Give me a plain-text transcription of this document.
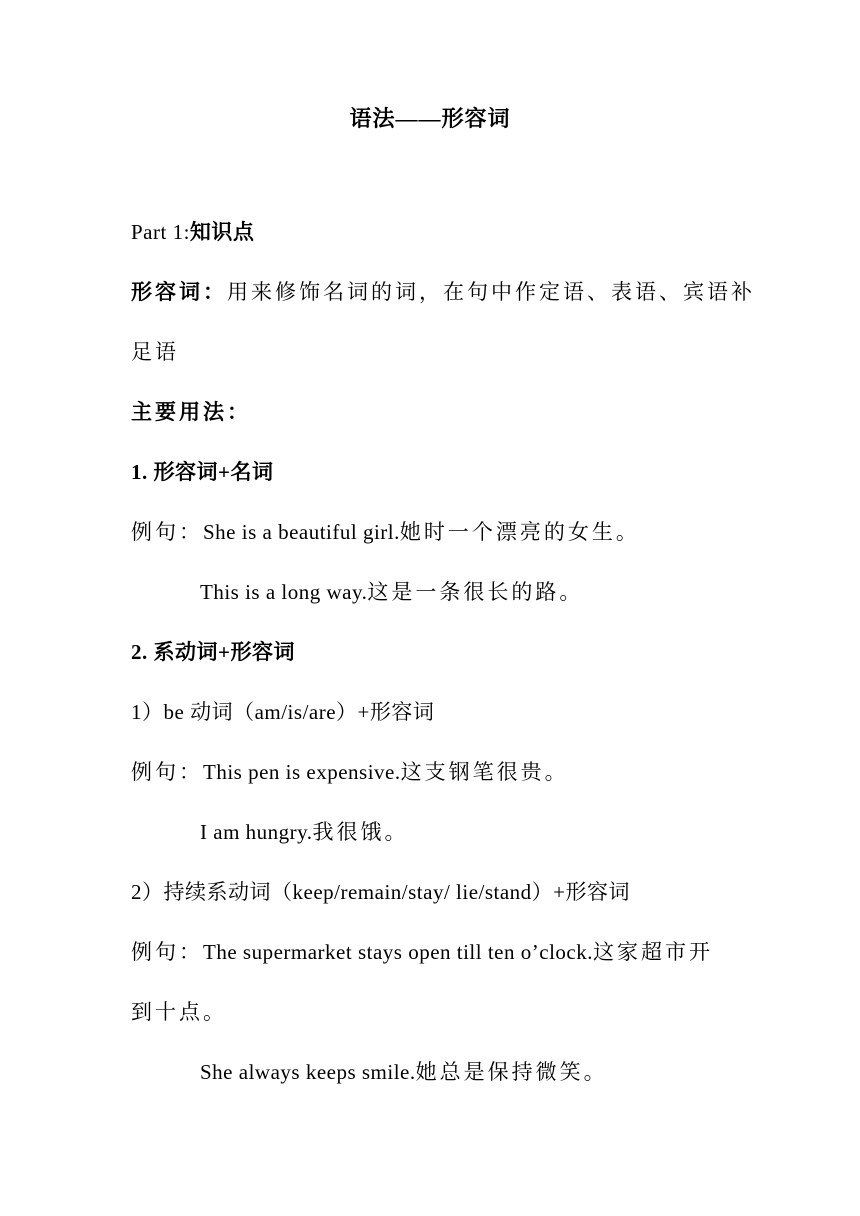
语法——形容词
Part 1:知识点
形容词：用来修饰名词的词，在句中作定语、表语、宾语补
足语
主要用法：
1. 形容词+名词
例句：She is a beautiful girl.她时一个漂亮的女生。
This is a long way.这是一条很长的路。
2. 系动词+形容词
1）be 动词（am/is/are）+形容词
例句：This pen is expensive.这支钢笔很贵。
I am hungry.我很饿。
2）持续系动词（keep/remain/stay/ lie/stand）+形容词
例句：The supermarket stays open till ten o’clock.这家超市开
到十点。
She always keeps smile.她总是保持微笑。
